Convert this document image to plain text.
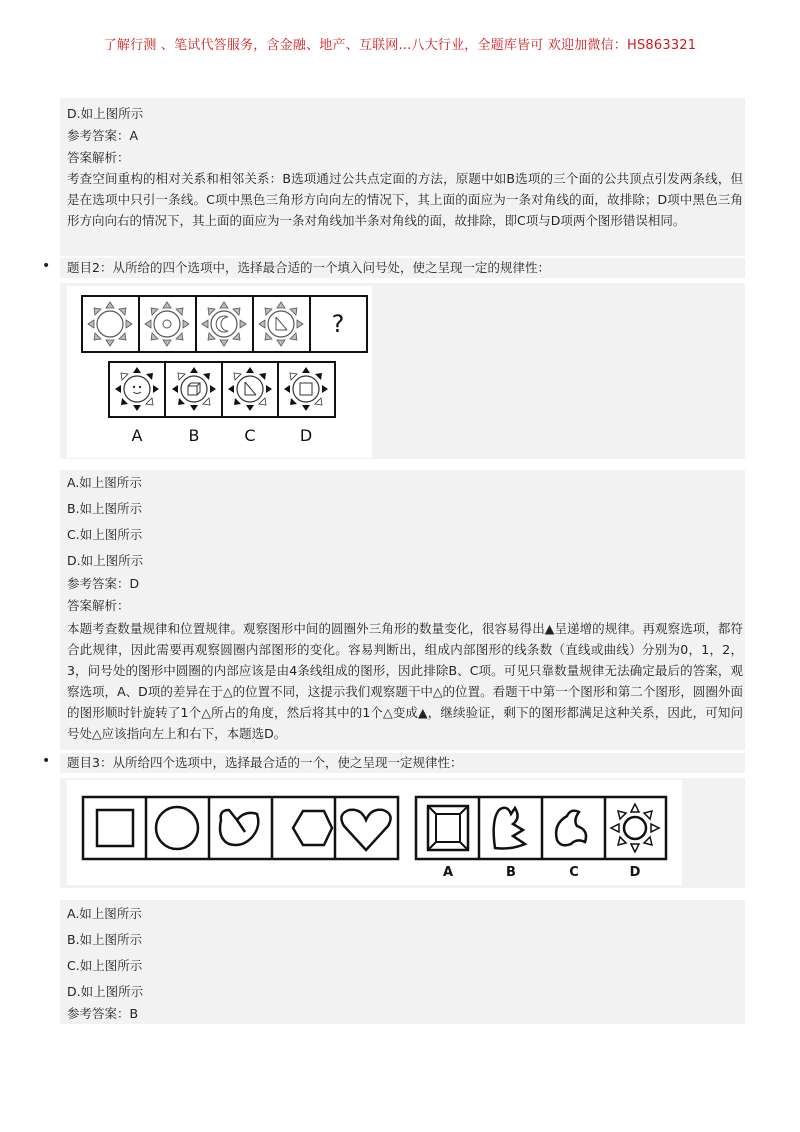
了解行测 、笔试代答服务，含金融、地产、互联网...八大行业，全题库皆可 欢迎加微信：HS863321
D.如上图所示
参考答案：A
答案解析：
考查空间重构的相对关系和相邻关系：B选项通过公共点定面的方法，原题中如B选项的三个面的公共顶点引发两条线，但是在选项中只引一条线。C项中黑色三角形方向向左的情况下，其上面的面应为一条对角线的面，故排除；D项中黑色三角形方向向右的情况下，其上面的面应为一条对角线加半条对角线的面，故排除，即C项与D项两个图形错误相同。
• 题目2：从所给的四个选项中，选择最合适的一个填入问号处，使之呈现一定的规律性：
?
A	B	C	D
A.如上图所示
B.如上图所示
C.如上图所示
D.如上图所示
参考答案：D
答案解析：
本题考查数量规律和位置规律。观察图形中间的圆圈外三角形的数量变化，很容易得出▲呈递增的规律。再观察选项，都符合此规律，因此需要再观察圆圈内部图形的变化。容易判断出，组成内部图形的线条数（直线或曲线）分别为0，1，2，3，问号处的图形中圆圈的内部应该是由4条线组成的图形，因此排除B、C项。可见只靠数量规律无法确定最后的答案，观察选项，A、D项的差异在于△的位置不同，这提示我们观察题干中△的位置。看题干中第一个图形和第二个图形，圆圈外面的图形顺时针旋转了1个△所占的角度，然后将其中的1个△变成▲，继续验证，剩下的图形都满足这种关系，因此，可知问号处△应该指向左上和右下，本题选D。
• 题目3：从所给四个选项中，选择最合适的一个，使之呈现一定规律性：
A	B	C	D
A.如上图所示
B.如上图所示
C.如上图所示
D.如上图所示
参考答案：B
